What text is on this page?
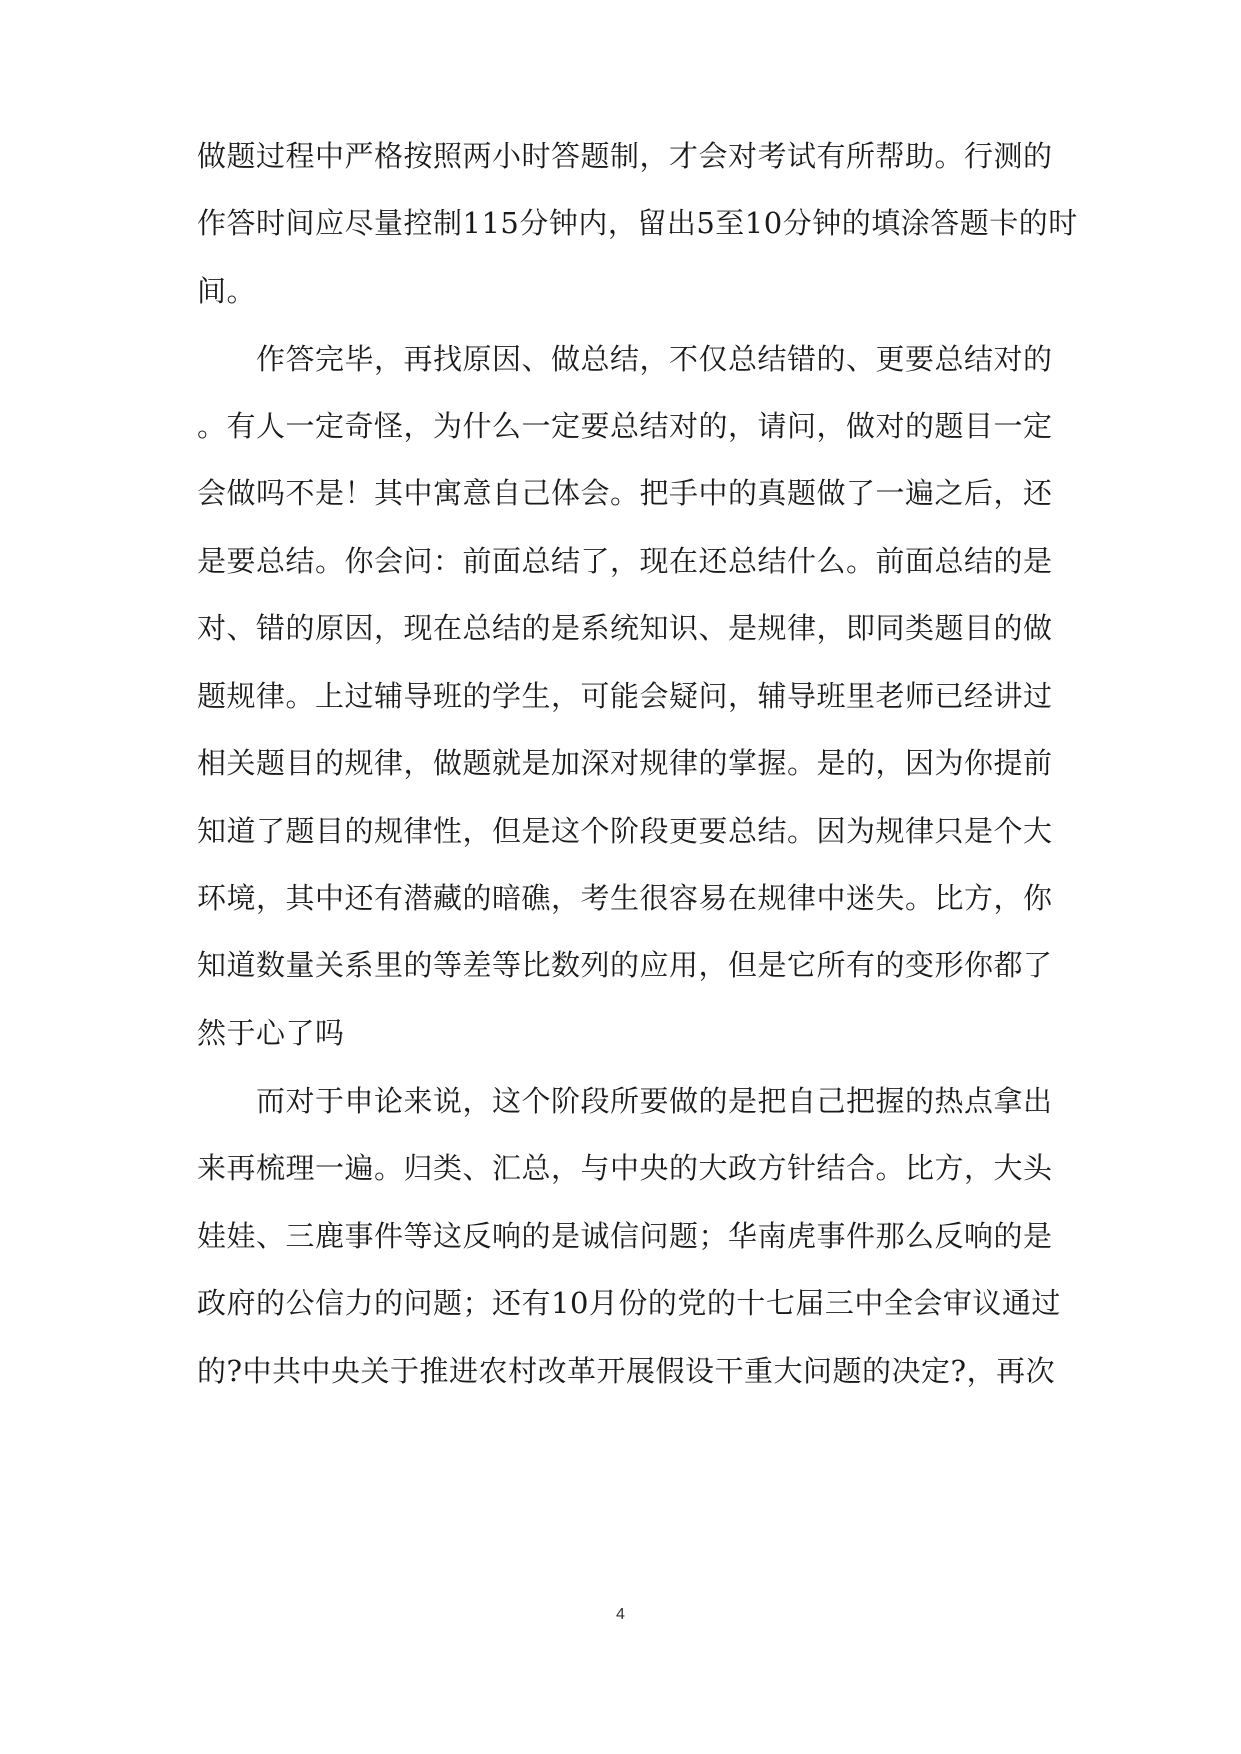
做题过程中严格按照两小时答题制，才会对考试有所帮助。行测的
作答时间应尽量控制115分钟内，留出5至10分钟的填涂答题卡的时
间。
作答完毕，再找原因、做总结，不仅总结错的、更要总结对的
。有人一定奇怪，为什么一定要总结对的，请问，做对的题目一定
会做吗不是！其中寓意自己体会。把手中的真题做了一遍之后，还
是要总结。你会问：前面总结了，现在还总结什么。前面总结的是
对、错的原因，现在总结的是系统知识、是规律，即同类题目的做
题规律。上过辅导班的学生，可能会疑问，辅导班里老师已经讲过
相关题目的规律，做题就是加深对规律的掌握。是的，因为你提前
知道了题目的规律性，但是这个阶段更要总结。因为规律只是个大
环境，其中还有潜藏的暗礁，考生很容易在规律中迷失。比方，你
知道数量关系里的等差等比数列的应用，但是它所有的变形你都了
然于心了吗
而对于申论来说，这个阶段所要做的是把自己把握的热点拿出
来再梳理一遍。归类、汇总，与中央的大政方针结合。比方，大头
娃娃、三鹿事件等这反响的是诚信问题；华南虎事件那么反响的是
政府的公信力的问题；还有10月份的党的十七届三中全会审议通过
的?中共中央关于推进农村改革开展假设干重大问题的决定?，再次
4
